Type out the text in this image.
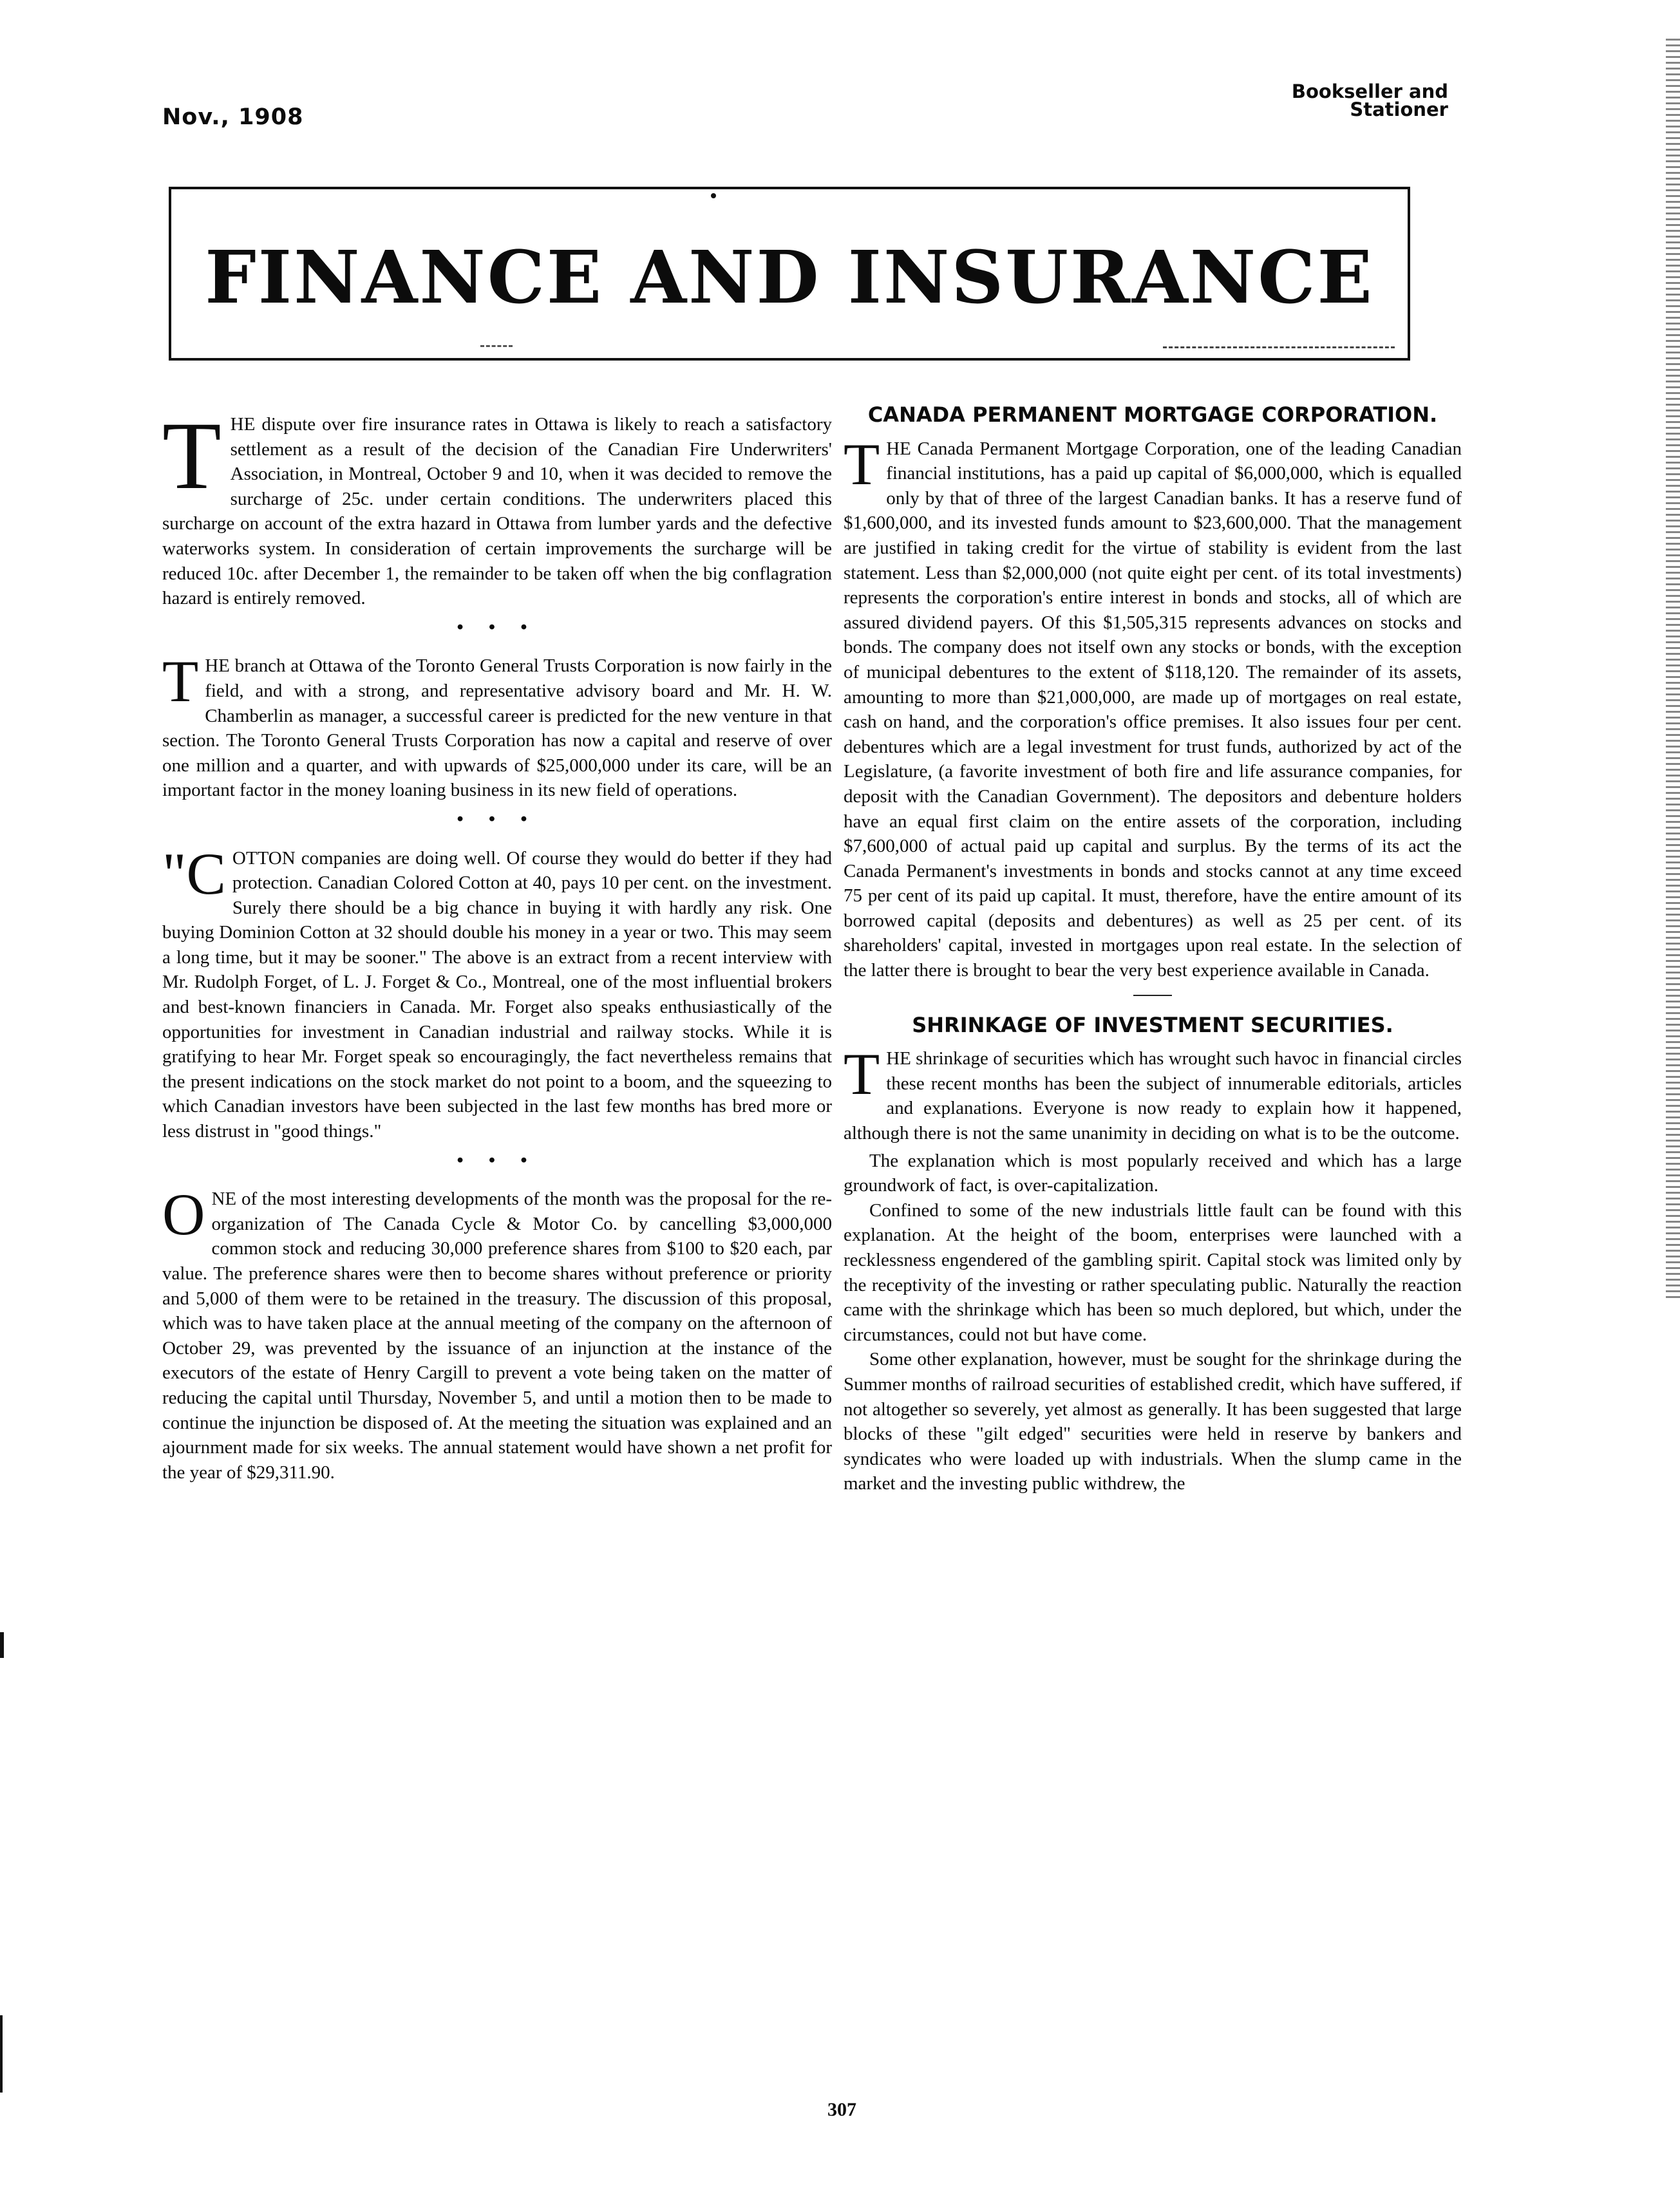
Nov., 1908
Bookseller and
Stationer
FINANCE AND INSURANCE

THE dispute over fire insurance rates in Ottawa is likely to reach a satisfactory settlement as a result of the decision of the Canadian Fire Underwriters' Association, in Montreal, October 9 and 10, when it was decided to remove the surcharge of 25c. under certain conditions. The underwriters placed this surcharge on account of the extra hazard in Ottawa from lumber yards and the defective waterworks system. In consideration of certain improvements the surcharge will be reduced 10c. after December 1, the remainder to be taken off when the big conflagration hazard is entirely removed.

• • •

THE branch at Ottawa of the Toronto General Trusts Corporation is now fairly in the field, and with a strong, and representative advisory board and Mr. H. W. Chamberlin as manager, a successful career is predicted for the new venture in that section. The Toronto General Trusts Corporation has now a capital and reserve of over one million and a quarter, and with upwards of $25,000,000 under its care, will be an important factor in the money loaning business in its new field of operations.

• • •

"COTTON companies are doing well. Of course they would do better if they had protection. Canadian Colored Cotton at 40, pays 10 per cent. on the investment. Surely there should be a big chance in buying it with hardly any risk. One buying Dominion Cotton at 32 should double his money in a year or two. This may seem a long time, but it may be sooner." The above is an extract from a recent interview with Mr. Rudolph Forget, of L. J. Forget & Co., Montreal, one of the most influential brokers and best-known financiers in Canada. Mr. Forget also speaks enthusiastically of the opportunities for investment in Canadian industrial and railway stocks. While it is gratifying to hear Mr. Forget speak so encouragingly, the fact nevertheless remains that the present indications on the stock market do not point to a boom, and the squeezing to which Canadian investors have been subjected in the last few months has bred more or less distrust in "good things."

• • •

ONE of the most interesting developments of the month was the proposal for the re-organization of The Canada Cycle & Motor Co. by cancelling $3,000,000 common stock and reducing 30,000 preference shares from $100 to $20 each, par value. The preference shares were then to become shares without preference or priority and 5,000 of them were to be retained in the treasury. The discussion of this proposal, which was to have taken place at the annual meeting of the company on the afternoon of October 29, was prevented by the issuance of an injunction at the instance of the executors of the estate of Henry Cargill to prevent a vote being taken on the matter of reducing the capital until Thursday, November 5, and until a motion then to be made to continue the injunction be disposed of. At the meeting the situation was explained and an ajournment made for six weeks. The annual statement would have shown a net profit for the year of $29,311.90.

CANADA PERMANENT MORTGAGE CORPORATION.

THE Canada Permanent Mortgage Corporation, one of the leading Canadian financial institutions, has a paid up capital of $6,000,000, which is equalled only by that of three of the largest Canadian banks. It has a reserve fund of $1,600,000, and its invested funds amount to $23,600,000. That the management are justified in taking credit for the virtue of stability is evident from the last statement. Less than $2,000,000 (not quite eight per cent. of its total investments) represents the corporation's entire interest in bonds and stocks, all of which are assured dividend payers. Of this $1,505,315 represents advances on stocks and bonds. The company does not itself own any stocks or bonds, with the exception of municipal debentures to the extent of $118,120. The remainder of its assets, amounting to more than $21,000,000, are made up of mortgages on real estate, cash on hand, and the corporation's office premises. It also issues four per cent. debentures which are a legal investment for trust funds, authorized by act of the Legislature, (a favorite investment of both fire and life assurance companies, for deposit with the Canadian Government). The depositors and debenture holders have an equal first claim on the entire assets of the corporation, including $7,600,000 of actual paid up capital and surplus. By the terms of its act the Canada Permanent's investments in bonds and stocks cannot at any time exceed 75 per cent of its paid up capital. It must, therefore, have the entire amount of its borrowed capital (deposits and debentures) as well as 25 per cent. of its shareholders' capital, invested in mortgages upon real estate. In the selection of the latter there is brought to bear the very best experience available in Canada.

SHRINKAGE OF INVESTMENT SECURITIES.

THE shrinkage of securities which has wrought such havoc in financial circles these recent months has been the subject of innumerable editorials, articles and explanations. Everyone is now ready to explain how it happened, although there is not the same unanimity in deciding on what is to be the outcome.

The explanation which is most popularly received and which has a large groundwork of fact, is over-capitalization.

Confined to some of the new industrials little fault can be found with this explanation. At the height of the boom, enterprises were launched with a recklessness engendered of the gambling spirit. Capital stock was limited only by the receptivity of the investing or rather speculating public. Naturally the reaction came with the shrinkage which has been so much deplored, but which, under the circumstances, could not but have come.

Some other explanation, however, must be sought for the shrinkage during the Summer months of railroad securities of established credit, which have suffered, if not altogether so severely, yet almost as generally. It has been suggested that large blocks of these "gilt edged" securities were held in reserve by bankers and syndicates who were loaded up with industrials. When the slump came in the market and the investing public withdrew, the

307
